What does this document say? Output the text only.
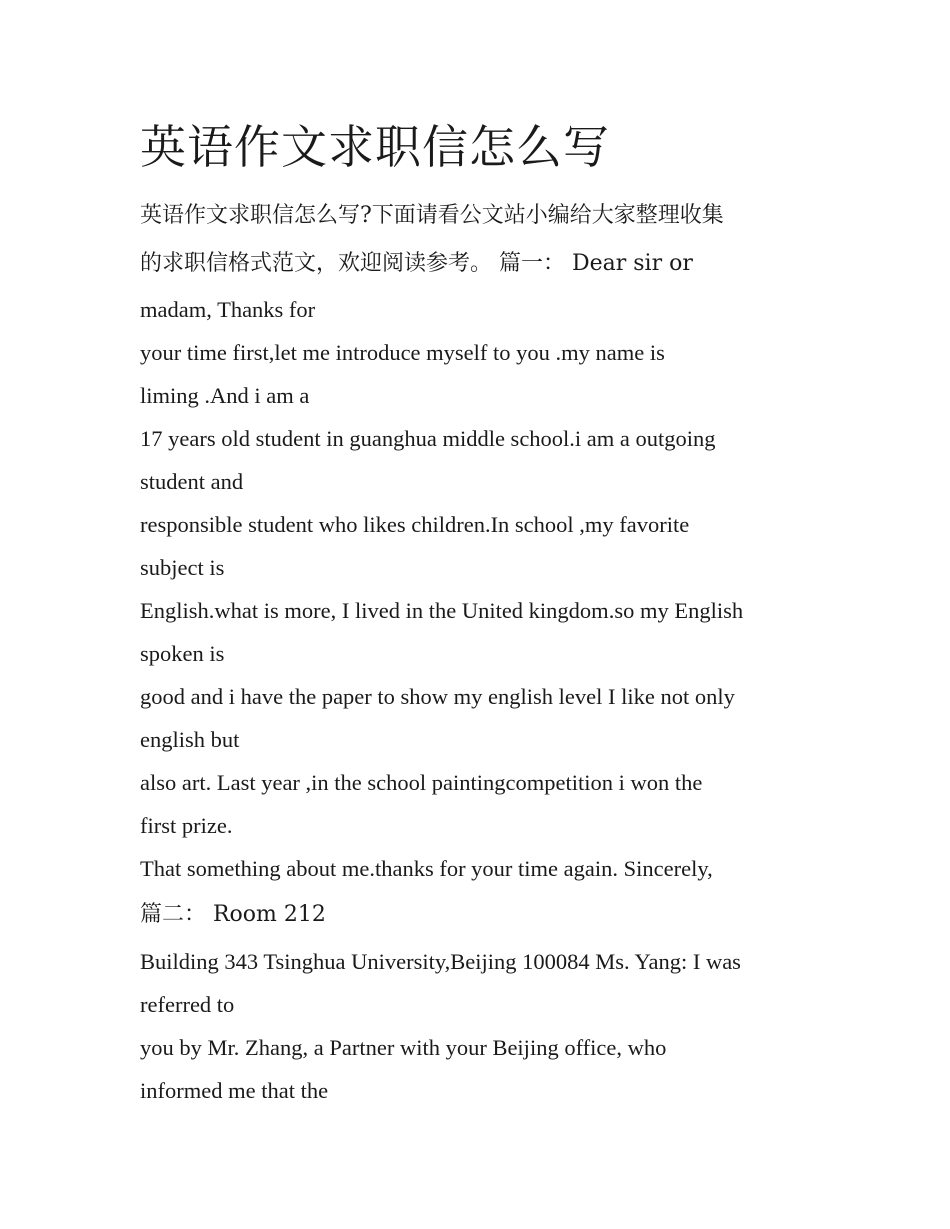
英语作文求职信怎么写

英语作文求职信怎么写?下面请看公文站小编给大家整理收集

的求职信格式范文，欢迎阅读参考。 篇一： Dear sir or

madam, Thanks for

your time first,let me introduce myself to you .my name is

liming .And i am a

17 years old student in guanghua middle school.i am a outgoing

student and

responsible student who likes children.In school ,my favorite

subject is

English.what is more, I lived in the United kingdom.so my English

spoken is

good and i have the paper to show my english level I like not only

english but

also art. Last year ,in the school paintingcompetition i won the

first prize.

That something about me.thanks for your time again. Sincerely,

篇二： Room 212

Building 343 Tsinghua University,Beijing 100084 Ms. Yang: I was

referred to

you by Mr. Zhang, a Partner with your Beijing office, who

informed me that the
